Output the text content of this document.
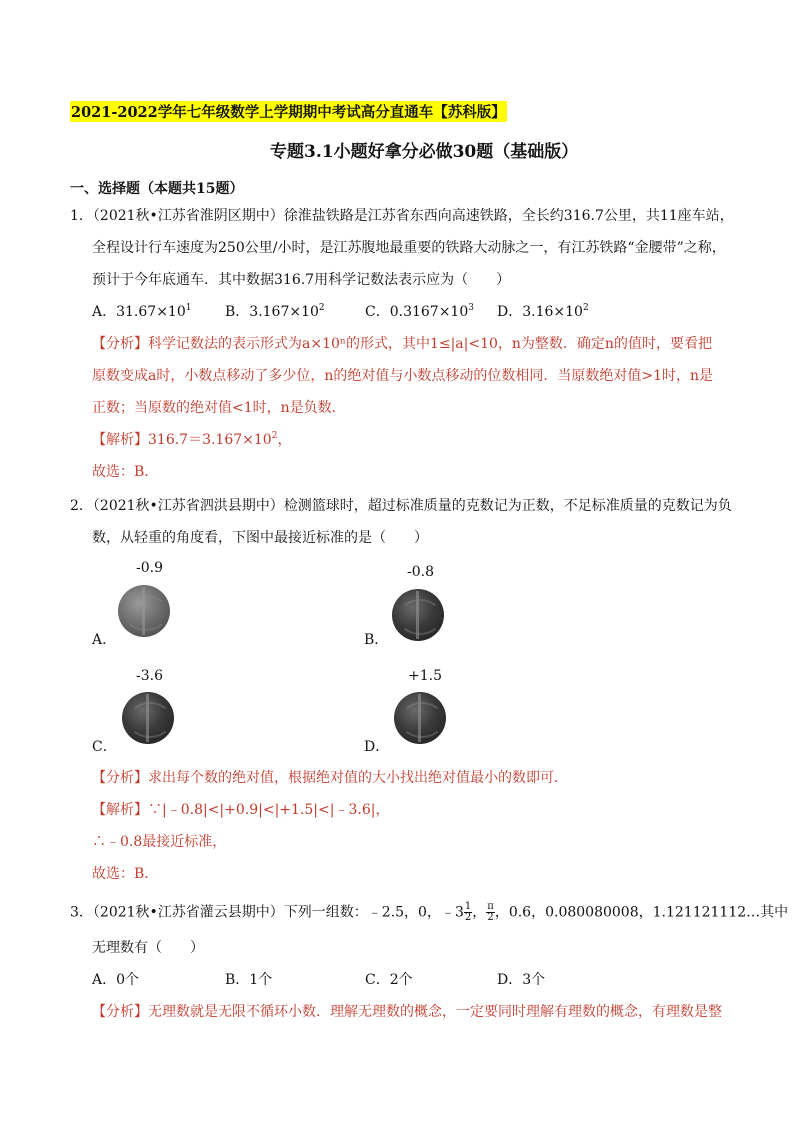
2021-2022学年七年级数学上学期期中考试高分直通车【苏科版】
专题3.1小题好拿分必做30题（基础版）
一、选择题（本题共15题）
1．（2021秋•江苏省淮阴区期中）徐淮盐铁路是江苏省东西向高速铁路，全长约316.7公里，共11座车站，
全程设计行车速度为250公里/小时，是江苏腹地最重要的铁路大动脉之一，有江苏铁路“金腰带”之称，
预计于今年底通车．其中数据316.7用科学记数法表示应为（　　）
A．$31.67\times 10^1$ B．$3.167\times 10^2$	C．$0.3167\times 10^3$ D．$3.16\times 10^2$
【分析】科学记数法的表示形式为a×10ⁿ的形式，其中1≤|a|<10，n为整数．确定n的值时，要看把
原数变成a时，小数点移动了多少位，n的绝对值与小数点移动的位数相同．当原数绝对值>1时，n是
正数；当原数的绝对值<1时，n是负数．
【解析】$316.7=3.167\times 10^2$，
故选：B．
2．（2021秋•江苏省泗洪县期中）检测篮球时，超过标准质量的克数记为正数，不足标准质量的克数记为负
数，从轻重的角度看，下图中最接近标准的是（　　）
-0.9
A．
-0.8
B．
-3.6
C．
+1.5
D．
【分析】求出每个数的绝对值，根据绝对值的大小找出绝对值最小的数即可．
【解析】∵|﹣0.8|<|+0.9|<|+1.5|<|﹣3.6|，
∴﹣0.8最接近标准，
故选：B．
3．（2021秋•江苏省灌云县期中）下列一组数：﹣2.5，0，﹣3 $\frac{1}{2}$ ， $\frac{\pi}{2}$ ，0.6，0.080080008，1.121121112…其中
无理数有（　　）
A．0个	B．1个	C．2个	D．3个
【分析】无理数就是无限不循环小数．理解无理数的概念，一定要同时理解有理数的概念，有理数是整
